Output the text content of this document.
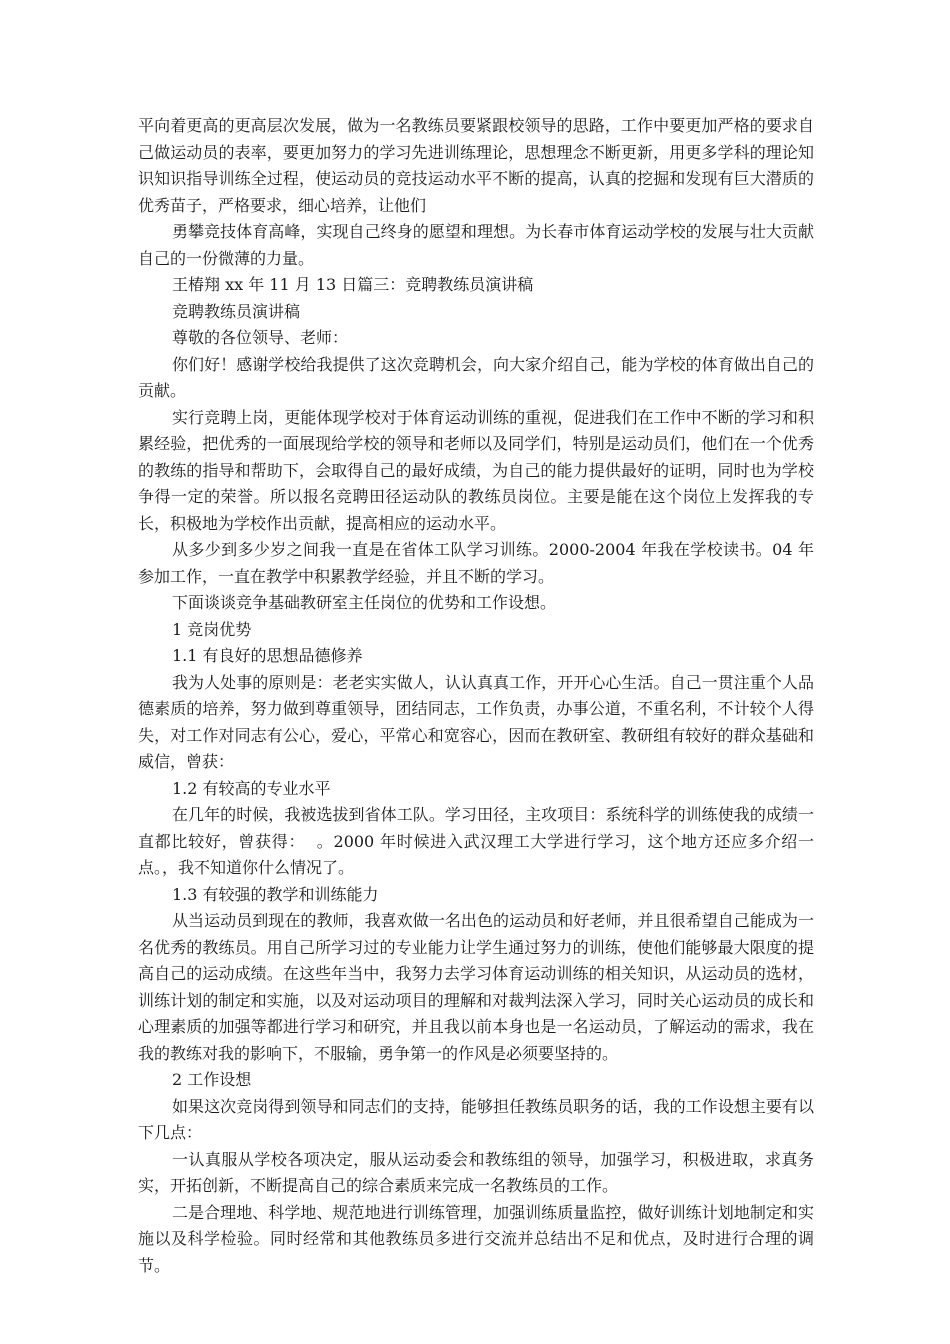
平向着更高的更高层次发展，做为一名教练员要紧跟校领导的思路，工作中要更加严格的要求自己做运动员的表率，要更加努力的学习先进训练理论，思想理念不断更新，用更多学科的理论知识知识指导训练全过程，使运动员的竞技运动水平不断的提高，认真的挖掘和发现有巨大潜质的优秀苗子，严格要求，细心培养，让他们

勇攀竞技体育高峰，实现自己终身的愿望和理想。为长春市体育运动学校的发展与壮大贡献自己的一份微薄的力量。

王椿翔 xx 年 11 月 13 日篇三：竞聘教练员演讲稿

竞聘教练员演讲稿

尊敬的各位领导、老师：

你们好！感谢学校给我提供了这次竞聘机会，向大家介绍自己，能为学校的体育做出自己的贡献。

实行竞聘上岗，更能体现学校对于体育运动训练的重视，促进我们在工作中不断的学习和积累经验，把优秀的一面展现给学校的领导和老师以及同学们，特别是运动员们，他们在一个优秀的教练的指导和帮助下，会取得自己的最好成绩，为自己的能力提供最好的证明，同时也为学校争得一定的荣誉。所以报名竞聘田径运动队的教练员岗位。主要是能在这个岗位上发挥我的专长，积极地为学校作出贡献，提高相应的运动水平。

从多少到多少岁之间我一直是在省体工队学习训练。2000-2004 年我在学校读书。04 年参加工作，一直在教学中积累教学经验，并且不断的学习。

下面谈谈竞争基础教研室主任岗位的优势和工作设想。

1 竞岗优势

1.1 有良好的思想品德修养

我为人处事的原则是：老老实实做人，认认真真工作，开开心心生活。自己一贯注重个人品德素质的培养，努力做到尊重领导，团结同志，工作负责，办事公道，不重名利，不计较个人得失，对工作对同志有公心，爱心，平常心和宽容心，因而在教研室、教研组有较好的群众基础和威信，曾获：

1.2 有较高的专业水平

在几年的时候，我被选拔到省体工队。学习田径，主攻项目：系统科学的训练使我的成绩一直都比较好，曾获得：  。2000 年时候进入武汉理工大学进行学习，这个地方还应多介绍一点。，我不知道你什么情况了。

1.3 有较强的教学和训练能力

从当运动员到现在的教师，我喜欢做一名出色的运动员和好老师，并且很希望自己能成为一名优秀的教练员。用自己所学习过的专业能力让学生通过努力的训练，使他们能够最大限度的提高自己的运动成绩。在这些年当中，我努力去学习体育运动训练的相关知识，从运动员的选材，训练计划的制定和实施，以及对运动项目的理解和对裁判法深入学习，同时关心运动员的成长和心理素质的加强等都进行学习和研究，并且我以前本身也是一名运动员，了解运动的需求，我在我的教练对我的影响下，不服输，勇争第一的作风是必须要坚持的。

2 工作设想

如果这次竞岗得到领导和同志们的支持，能够担任教练员职务的话，我的工作设想主要有以下几点：

一认真服从学校各项决定，服从运动委会和教练组的领导，加强学习，积极进取，求真务实，开拓创新，不断提高自己的综合素质来完成一名教练员的工作。

二是合理地、科学地、规范地进行训练管理，加强训练质量监控，做好训练计划地制定和实施以及科学检验。同时经常和其他教练员多进行交流并总结出不足和优点，及时进行合理的调节。
